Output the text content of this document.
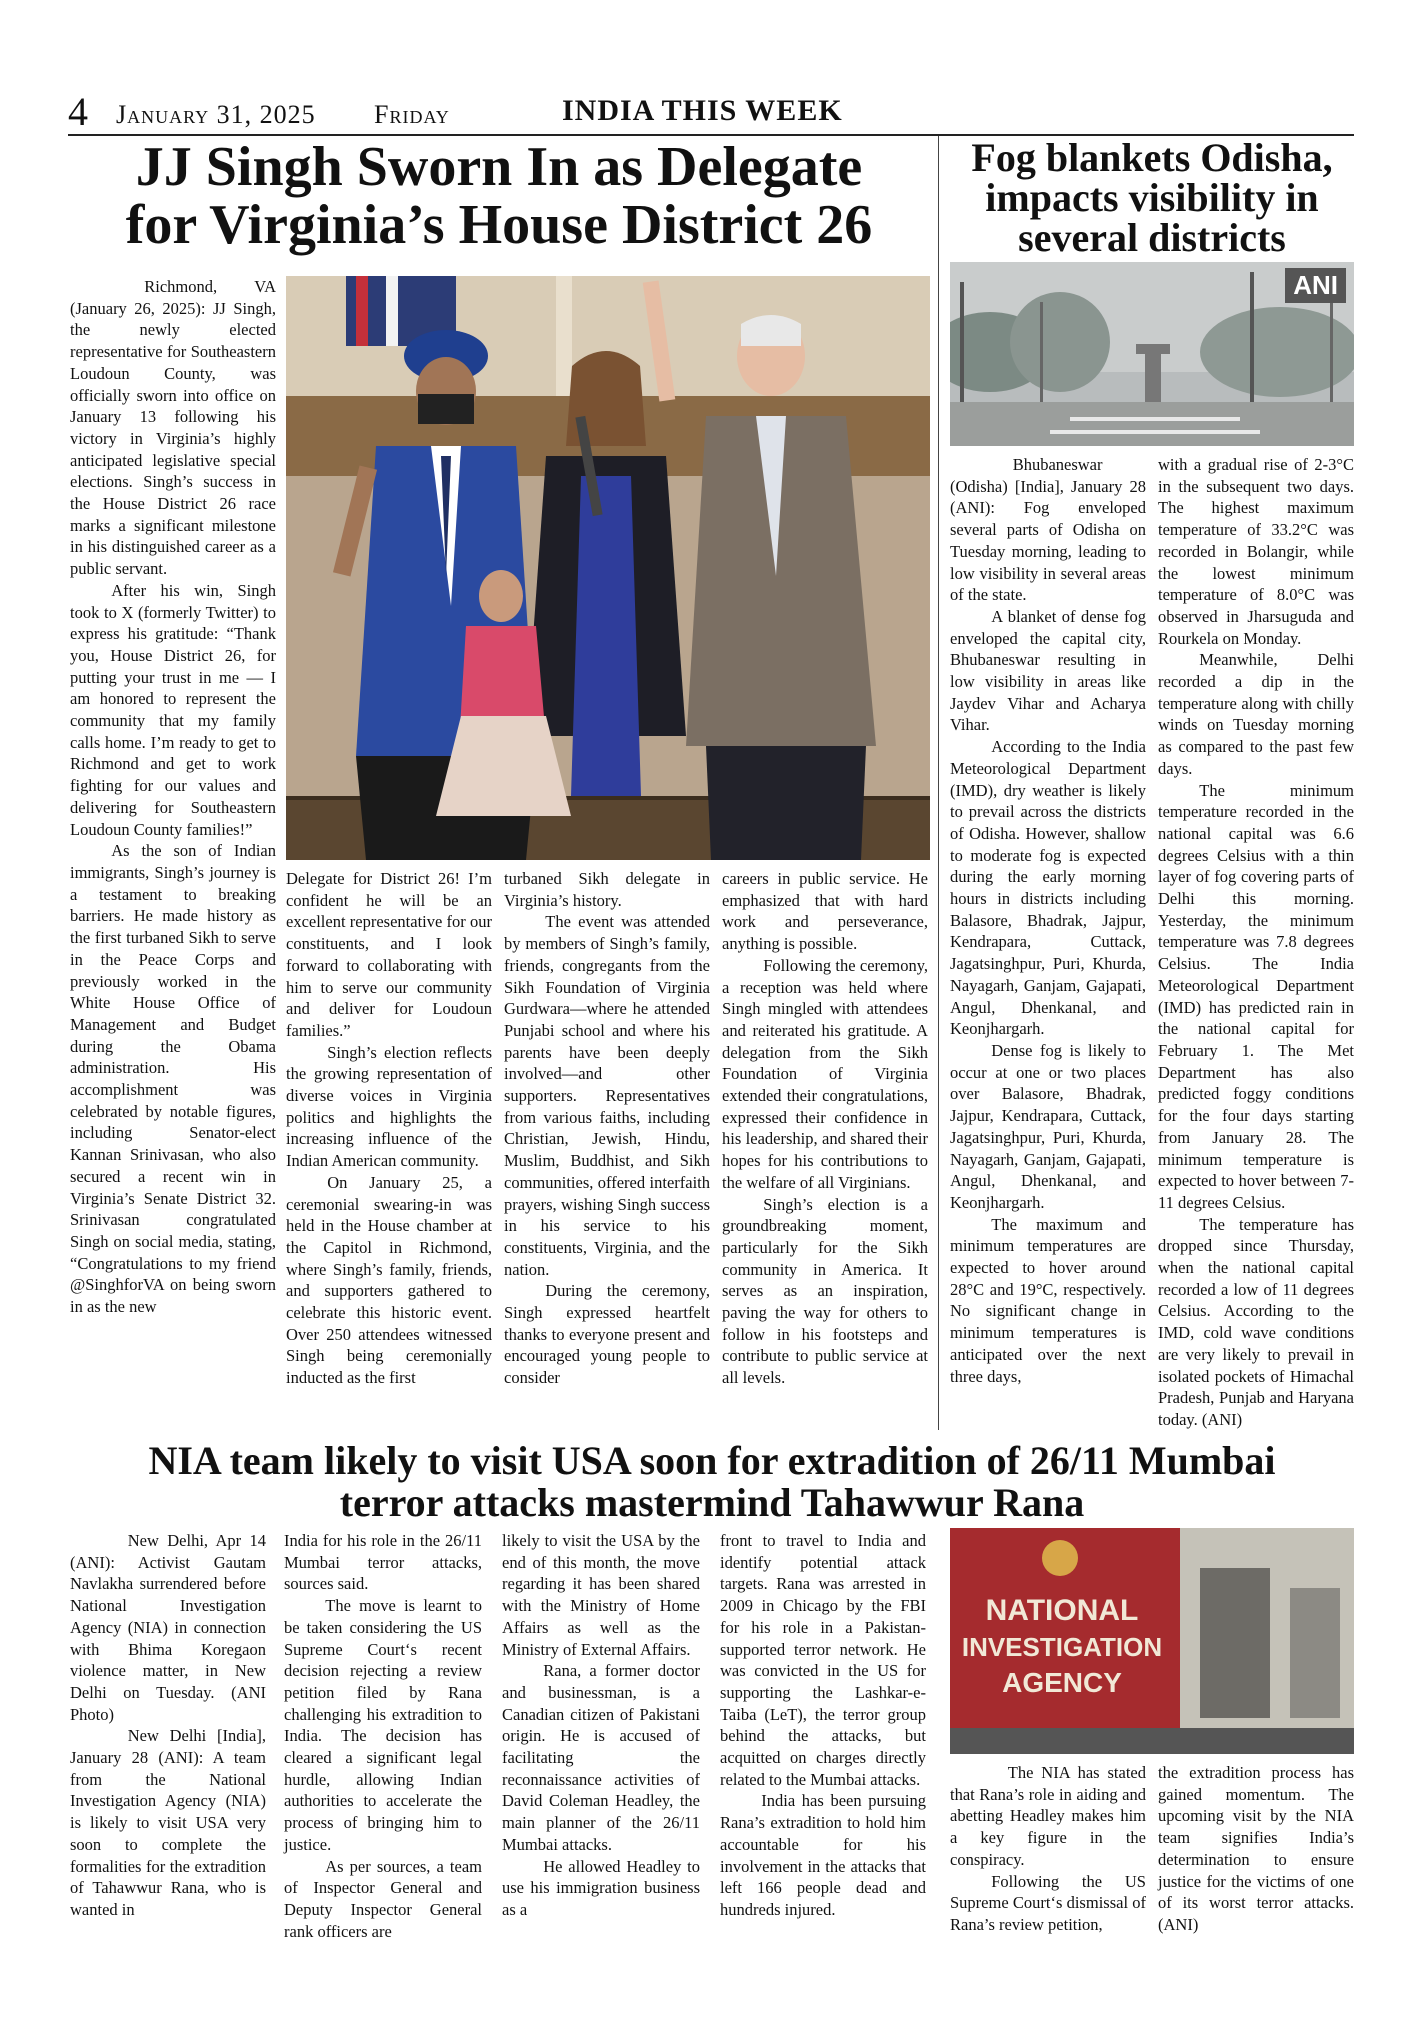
4 January 31, 2025 Friday	INDIA THIS WEEK
JJ Singh Sworn In as Delegate
for Virginia’s House District 26

Richmond, VA (January 26, 2025): JJ Singh, the newly elected representative for Southeastern Loudoun County, was officially sworn into office on January 13 following his victory in Virginia’s highly anticipated legislative special elections. Singh’s success in the House District 26 race marks a significant milestone in his distinguished career as a public servant.

After his win, Singh took to X (formerly Twitter) to express his gratitude: “Thank you, House District 26, for putting your trust in me — I am honored to represent the community that my family calls home. I’m ready to get to Richmond and get to work fighting for our values and delivering for Southeastern Loudoun County families!”

As the son of Indian immigrants, Singh’s journey is a testament to breaking barriers. He made history as the first turbaned Sikh to serve in the Peace Corps and previously worked in the White House Office of Management and Budget during the Obama administration. His accomplishment was celebrated by notable figures, including Senator-elect Kannan Srinivasan, who also secured a recent win in Virginia’s Senate District 32. Srinivasan congratulated Singh on social media, stating, “Congratulations to my friend @SinghforVA on being sworn in as the new

Delegate for District 26! I’m confident he will be an excellent representative for our constituents, and I look forward to collaborating with him to serve our community and deliver for Loudoun families.”

Singh’s election reflects the growing representation of diverse voices in Virginia politics and highlights the increasing influence of the Indian American community.

On January 25, a ceremonial swearing-in was held in the House chamber at the Capitol in Richmond, where Singh’s family, friends, and supporters gathered to celebrate this historic event. Over 250 attendees witnessed Singh being ceremonially inducted as the first

turbaned Sikh delegate in Virginia’s history.

The event was attended by members of Singh’s family, friends, congregants from the Sikh Foundation of Virginia Gurdwara—where he attended Punjabi school and where his parents have been deeply involved—and other supporters. Representatives from various faiths, including Christian, Jewish, Hindu, Muslim, Buddhist, and Sikh communities, offered interfaith prayers, wishing Singh success in his service to his constituents, Virginia, and the nation.

During the ceremony, Singh expressed heartfelt thanks to everyone present and encouraged young people to consider

careers in public service. He emphasized that with hard work and perseverance, anything is possible.

Following the ceremony, a reception was held where Singh mingled with attendees and reiterated his gratitude. A delegation from the Sikh Foundation of Virginia extended their congratulations, expressed their confidence in his leadership, and shared their hopes for his contributions to the welfare of all Virginians.

Singh’s election is a groundbreaking moment, particularly for the Sikh community in America. It serves as an inspiration, paving the way for others to follow in his footsteps and contribute to public service at all levels.

Fog blankets Odisha,
impacts visibility in
several districts
ANI

Bhubaneswar (Odisha) [India], January 28 (ANI): Fog enveloped several parts of Odisha on Tuesday morning, leading to low visibility in several areas of the state.

A blanket of dense fog enveloped the capital city, Bhubaneswar resulting in low visibility in areas like Jaydev Vihar and Acharya Vihar.

According to the India Meteorological Department (IMD), dry weather is likely to prevail across the districts of Odisha. However, shallow to moderate fog is expected during the early morning hours in districts including Balasore, Bhadrak, Jajpur, Kendrapara, Cuttack, Jagatsinghpur, Puri, Khurda, Nayagarh, Ganjam, Gajapati, Angul, Dhenkanal, and Keonjhargarh.

Dense fog is likely to occur at one or two places over Balasore, Bhadrak, Jajpur, Kendrapara, Cuttack, Jagatsinghpur, Puri, Khurda, Nayagarh, Ganjam, Gajapati, Angul, Dhenkanal, and Keonjhargarh.

The maximum and minimum temperatures are expected to hover around 28°C and 19°C, respectively. No significant change in minimum temperatures is anticipated over the next three days,

with a gradual rise of 2-3°C in the subsequent two days. The highest maximum temperature of 33.2°C was recorded in Bolangir, while the lowest minimum temperature of 8.0°C was observed in Jharsuguda and Rourkela on Monday.

Meanwhile, Delhi recorded a dip in the temperature along with chilly winds on Tuesday morning as compared to the past few days.

The minimum temperature recorded in the national capital was 6.6 degrees Celsius with a thin layer of fog covering parts of Delhi this morning. Yesterday, the minimum temperature was 7.8 degrees Celsius. The India Meteorological Department (IMD) has predicted rain in the national capital for February 1. The Met Department has also predicted foggy conditions for the four days starting from January 28. The minimum temperature is expected to hover between 7-11 degrees Celsius.

The temperature has dropped since Thursday, when the national capital recorded a low of 11 degrees Celsius. According to the IMD, cold wave conditions are very likely to prevail in isolated pockets of Himachal Pradesh, Punjab and Haryana today. (ANI)

NIA team likely to visit USA soon for extradition of 26/11 Mumbai
terror attacks mastermind Tahawwur Rana
NATIONAL
INVESTIGATION
AGENCY

New Delhi, Apr 14 (ANI): Activist Gautam Navlakha surrendered before National Investigation Agency (NIA) in connection with Bhima Koregaon violence matter, in New Delhi on Tuesday. (ANI Photo)

New Delhi [India], January 28 (ANI): A team from the National Investigation Agency (NIA) is likely to visit USA very soon to complete the formalities for the extradition of Tahawwur Rana, who is wanted in

India for his role in the 26/11 Mumbai terror attacks, sources said.

The move is learnt to be taken considering the US Supreme Court‘s recent decision rejecting a review petition filed by Rana challenging his extradition to India. The decision has cleared a significant legal hurdle, allowing Indian authorities to accelerate the process of bringing him to justice.

As per sources, a team of Inspector General and Deputy Inspector General rank officers are

likely to visit the USA by the end of this month, the move regarding it has been shared with the Ministry of Home Affairs as well as the Ministry of External Affairs.

Rana, a former doctor and businessman, is a Canadian citizen of Pakistani origin. He is accused of facilitating the reconnaissance activities of David Coleman Headley, the main planner of the 26/11 Mumbai attacks.

He allowed Headley to use his immigration business as a

front to travel to India and identify potential attack targets. Rana was arrested in 2009 in Chicago by the FBI for his role in a Pakistan-supported terror network. He was convicted in the US for supporting the Lashkar-e-Taiba (LeT), the terror group behind the attacks, but acquitted on charges directly related to the Mumbai attacks.

India has been pursuing Rana’s extradition to hold him accountable for his involvement in the attacks that left 166 people dead and hundreds injured.

The NIA has stated that Rana’s role in aiding and abetting Headley makes him a key figure in the conspiracy.

Following the US Supreme Court‘s dismissal of Rana’s review petition,

the extradition process has gained momentum. The upcoming visit by the NIA team signifies India’s determination to ensure justice for the victims of one of its worst terror attacks. (ANI)
